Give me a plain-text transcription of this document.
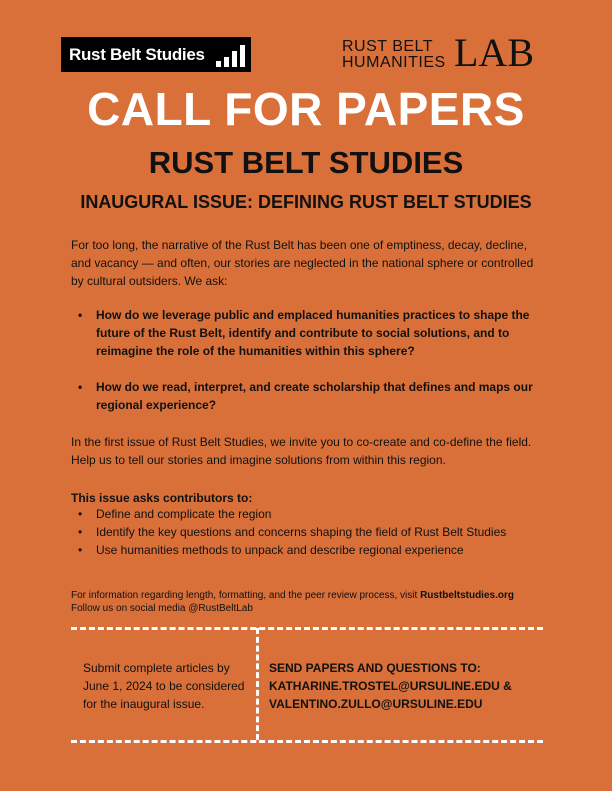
Rust Belt Studies	RUST BELT
HUMANITIES LAB
CALL FOR PAPERS
RUST BELT STUDIES
INAUGURAL ISSUE: DEFINING RUST BELT STUDIES
For too long, the narrative of the Rust Belt has been one of emptiness, decay, decline, and vacancy — and often, our stories are neglected in the national sphere or controlled by cultural outsiders. We ask:
• How do we leverage public and emplaced humanities practices to shape the future of the Rust Belt, identify and contribute to social solutions, and to reimagine the role of the humanities within this sphere?
• How do we read, interpret, and create scholarship that defines and maps our regional experience?
In the first issue of Rust Belt Studies, we invite you to co-create and co-define the field. Help us to tell our stories and imagine solutions from within this region.
This issue asks contributors to:
• Define and complicate the region
• Identify the key questions and concerns shaping the field of Rust Belt Studies
• Use humanities methods to unpack and describe regional experience
For information regarding length, formatting, and the peer review process, visit Rustbeltstudies.org
Follow us on social media @RustBeltLab
Submit complete articles by June 1, 2024 to be considered for the inaugural issue.
SEND PAPERS AND QUESTIONS TO:
KATHARINE.TROSTEL@URSULINE.EDU &
VALENTINO.ZULLO@URSULINE.EDU
